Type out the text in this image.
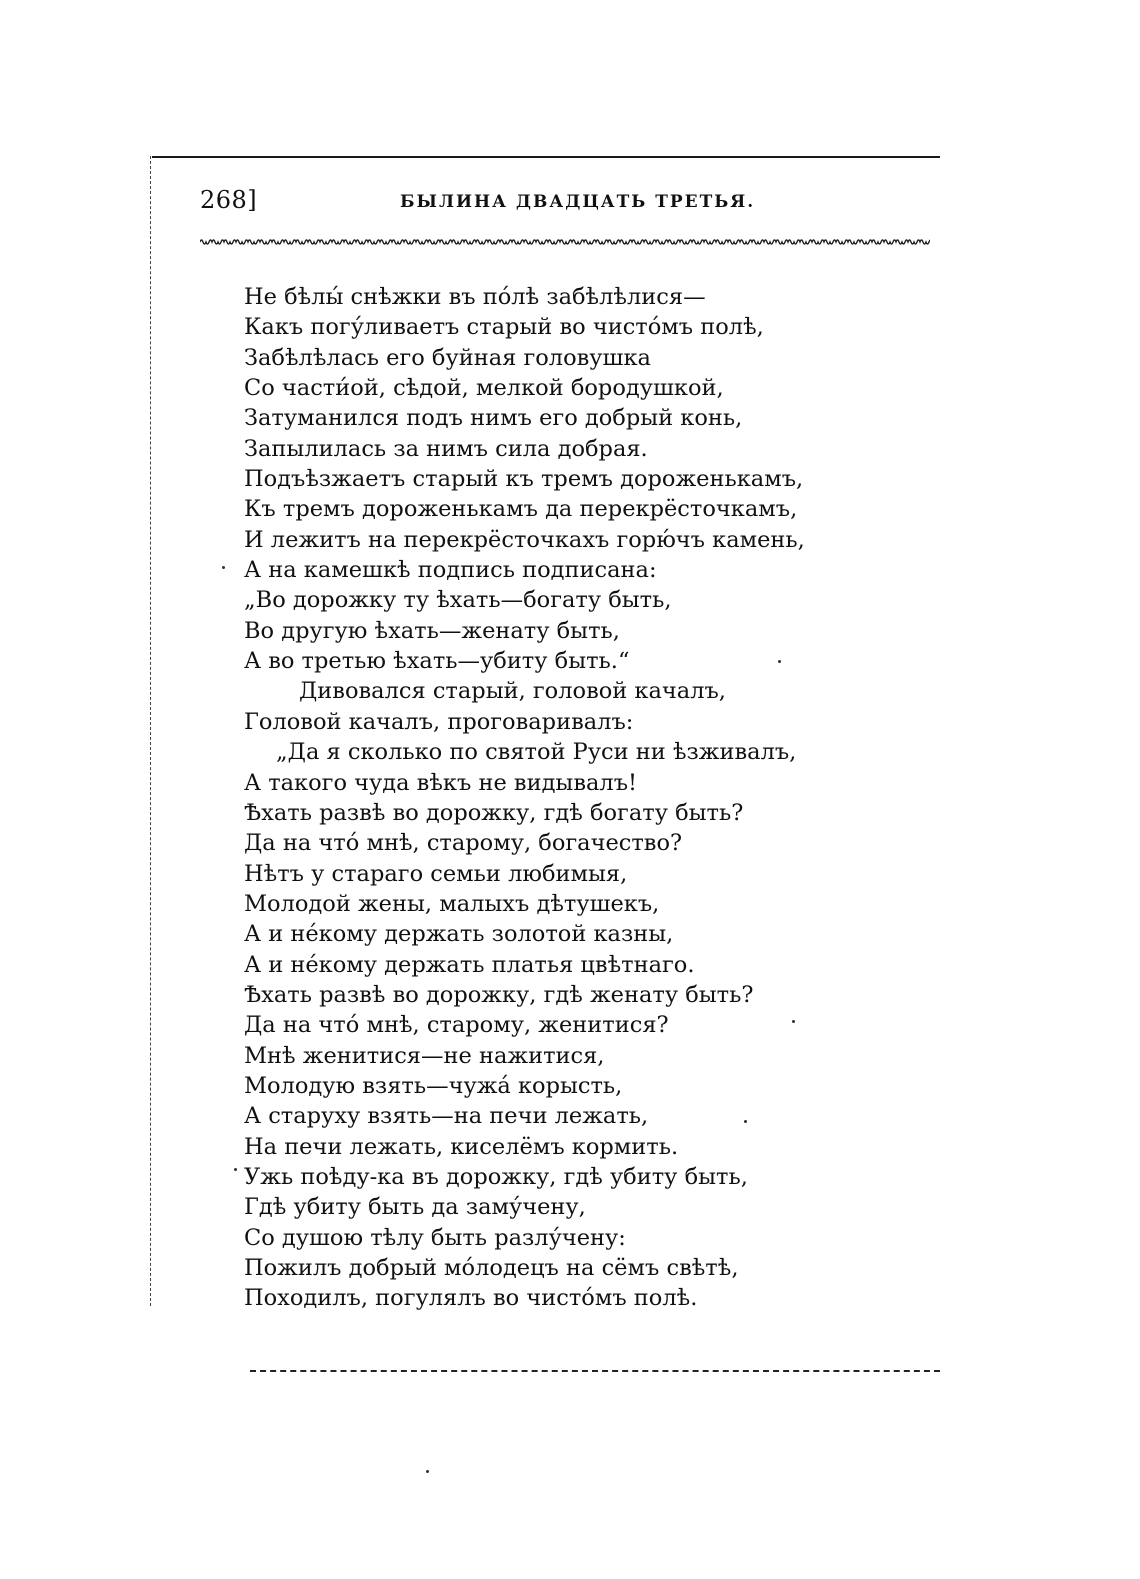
268]	БЫЛИНА ДВАДЦАТЬ ТРЕТЬЯ.
Не бѣлы́ снѣжки въ по́лѣ забѣлѣлися—
Какъ погу́ливаетъ старый во чисто́мъ полѣ,
Забѣлѣлась его буйная головушка
Со части́ой, сѣдой, мелкой бородушкой,
Затуманился подъ нимъ его добрый конь,
Запылилась за нимъ сила добрая.
Подъѣзжаетъ старый къ тремъ дороженькамъ,
Къ тремъ дороженькамъ да перекрёсточкамъ,
И лежитъ на перекрёсточкахъ горю́чъ камень,
А на камешкѣ подпись подписана:
„Во дорожку ту ѣхать—богату быть,
Во другую ѣхать—женату быть,
А во третью ѣхать—убиту быть.“
Дивовался старый, головой качалъ,
Головой качалъ, проговаривалъ:
„Да я сколько по святой Руси ни ѣзживалъ,
А такого чуда вѣкъ не видывалъ!
Ѣхать развѣ во дорожку, гдѣ богату быть?
Да на что́ мнѣ, старому, богачество?
Нѣтъ у стараго семьи любимыя,
Молодой жены, малыхъ дѣтушекъ,
А и не́кому держать золотой казны,
А и не́кому держать платья цвѣтнаго.
Ѣхать развѣ во дорожку, гдѣ женату быть?
Да на что́ мнѣ, старому, женитися?
Мнѣ женитися—не нажитися,
Молодую взять—чужа́ корысть,
А старуху взять—на печи лежать,
На печи лежать, киселёмъ кормить.
Ужь поѣду-ка въ дорожку, гдѣ убиту быть,
Гдѣ убиту быть да заму́чену,
Со душою тѣлу быть разлу́чену:
Пожилъ добрый мо́лодецъ на сёмъ свѣтѣ,
Походилъ, погулялъ во чисто́мъ полѣ.
